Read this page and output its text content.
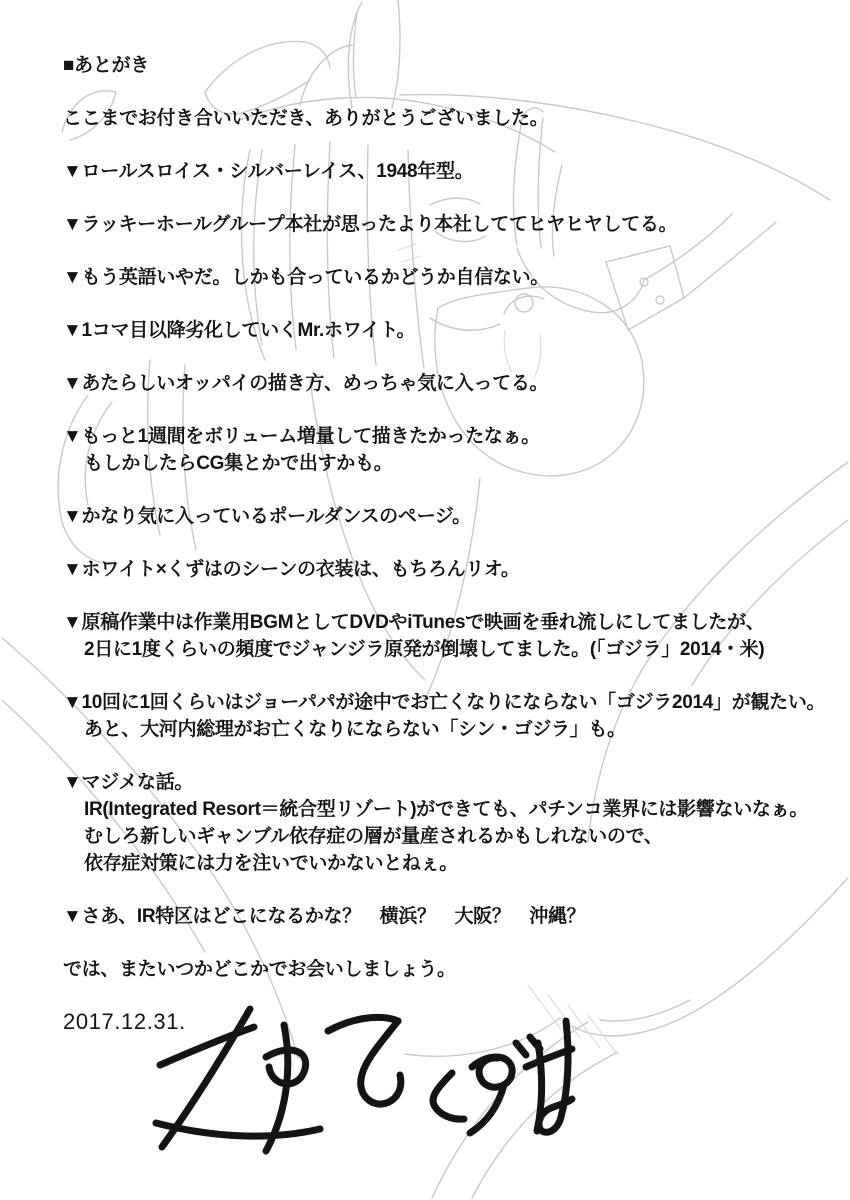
■あとがき
ここまでお付き合いいただき、ありがとうございました。
▼ロールスロイス・シルバーレイス、1948年型。
▼ラッキーホールグループ本社が思ったより本社しててヒヤヒヤしてる。
▼もう英語いやだ。しかも合っているかどうか自信ない。
▼1コマ目以降劣化していくMr.ホワイト。
▼あたらしいオッパイの描き方、めっちゃ気に入ってる。
▼もっと1週間をボリューム増量して描きたかったなぁ。
もしかしたらCG集とかで出すかも。
▼かなり気に入っているポールダンスのページ。
▼ホワイト×くずはのシーンの衣装は、もちろんリオ。
▼原稿作業中は作業用BGMとしてDVDやiTunesで映画を垂れ流しにしてましたが、
2日に1度くらいの頻度でジャンジラ原発が倒壊してました。(「ゴジラ」2014・米)
▼10回に1回くらいはジョーパパが途中でお亡くなりにならない「ゴジラ2014」が観たい。
あと、大河内総理がお亡くなりにならない「シン・ゴジラ」も。
▼マジメな話。
IR(Integrated Resort＝統合型リゾート)ができても、パチンコ業界には影響ないなぁ。
むしろ新しいギャンブル依存症の層が量産されるかもしれないので、
依存症対策には力を注いでいかないとねぇ。
▼さあ、IR特区はどこになるかな？　横浜？　大阪？　沖縄？
では、またいつかどこかでお会いしましょう。
2017.12.31.
